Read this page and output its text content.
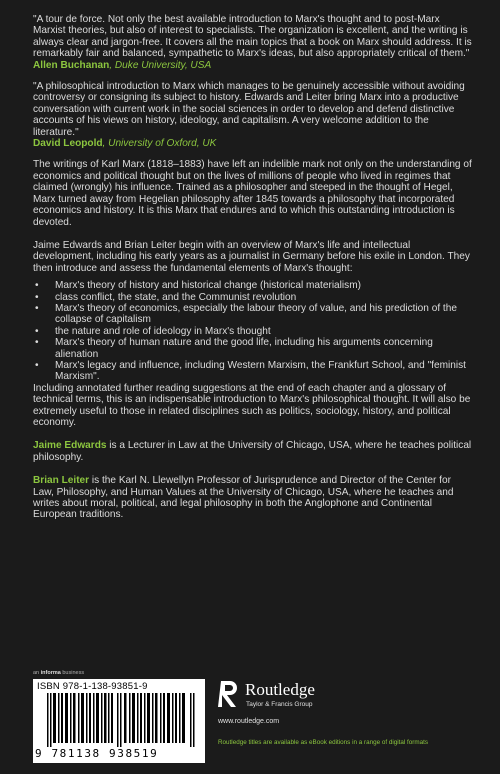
"A tour de force. Not only the best available introduction to Marx's thought and to post-Marx Marxist theories, but also of interest to specialists. The organization is excellent, and the writing is always clear and jargon-free. It covers all the main topics that a book on Marx should address. It is remarkably fair and balanced, sympathetic to Marx's ideas, but also appropriately critical of them."

Allen Buchanan, Duke University, USA

"A philosophical introduction to Marx which manages to be genuinely accessible without avoiding controversy or consigning its subject to history. Edwards and Leiter bring Marx into a productive conversation with current work in the social sciences in order to develop and defend distinctive accounts of his views on history, ideology, and capitalism. A very welcome addition to the literature."

David Leopold, University of Oxford, UK

The writings of Karl Marx (1818–1883) have left an indelible mark not only on the understanding of economics and political thought but on the lives of millions of people who lived in regimes that claimed (wrongly) his influence. Trained as a philosopher and steeped in the thought of Hegel, Marx turned away from Hegelian philosophy after 1845 towards a philosophy that incorporated economics and history. It is this Marx that endures and to which this outstanding introduction is devoted.

Jaime Edwards and Brian Leiter begin with an overview of Marx's life and intellectual development, including his early years as a journalist in Germany before his exile in London. They then introduce and assess the fundamental elements of Marx's thought:

• Marx's theory of history and historical change (historical materialism)
• class conflict, the state, and the Communist revolution
• Marx's theory of economics, especially the labour theory of value, and his prediction of the collapse of capitalism
• the nature and role of ideology in Marx's thought
• Marx's theory of human nature and the good life, including his arguments concerning alienation
• Marx's legacy and influence, including Western Marxism, the Frankfurt School, and "feminist Marxism".

Including annotated further reading suggestions at the end of each chapter and a glossary of technical terms, this is an indispensable introduction to Marx's philosophical thought. It will also be extremely useful to those in related disciplines such as politics, sociology, history, and political economy.

Jaime Edwards is a Lecturer in Law at the University of Chicago, USA, where he teaches political philosophy.

Brian Leiter is the Karl N. Llewellyn Professor of Jurisprudence and Director of the Center for Law, Philosophy, and Human Values at the University of Chicago, USA, where he teaches and writes about moral, political, and legal philosophy in both the Anglophone and Continental European traditions.

an informa business
ISBN 978-1-138-93851-9
9 781138 938519
Routledge
Taylor & Francis Group
www.routledge.com
Routledge titles are available as eBook editions in a range of digital formats
